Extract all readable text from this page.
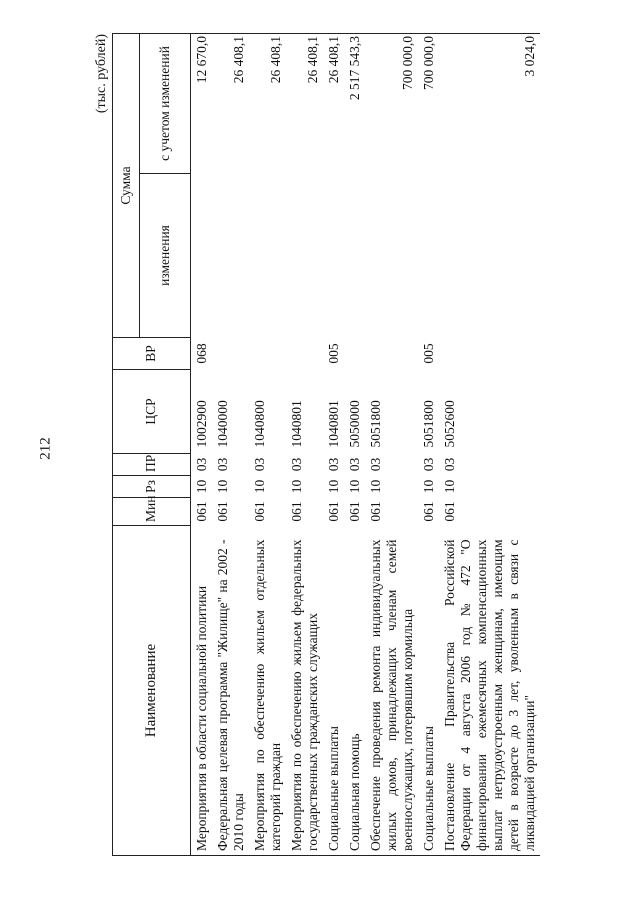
212
(тыс. рублей)
Наименование	Мин	Рз	ПР	ЦСР	ВР	Сумма	
						изменения	с учетом изменений
Мероприятия в области социальной политики	061	10	03	1002900	068		12 670,0
Федеральная целевая программа "Жилище" на 2002 - 2010 годы	061	10	03	1040000			26 408,1
Мероприятия по обеспечению жильем отдельных категорий граждан	061	10	03	1040800			26 408,1
Мероприятия по обеспечению жильем федеральных государственных гражданских служащих	061	10	03	1040801			26 408,1
Социальные выплаты	061	10	03	1040801	005		26 408,1
Социальная помощь	061	10	03	5050000			2 517 543,3
Обеспечение проведения ремонта индивидуальных жилых домов, принадлежащих членам семей военнослужащих, потерявшим кормильца	061	10	03	5051800			700 000,0
Социальные выплаты	061	10	03	5051800	005		700 000,0
Постановление Правительства Российской Федерации от 4 августа 2006 год № 472 "О финансировании ежемесячных компенсационных выплат нетрудоустроенным женщинам, имеющим детей в возрасте до 3 лет, уволенным в связи с ликвидацией организации"	061	10	03	5052600			3 024,0
